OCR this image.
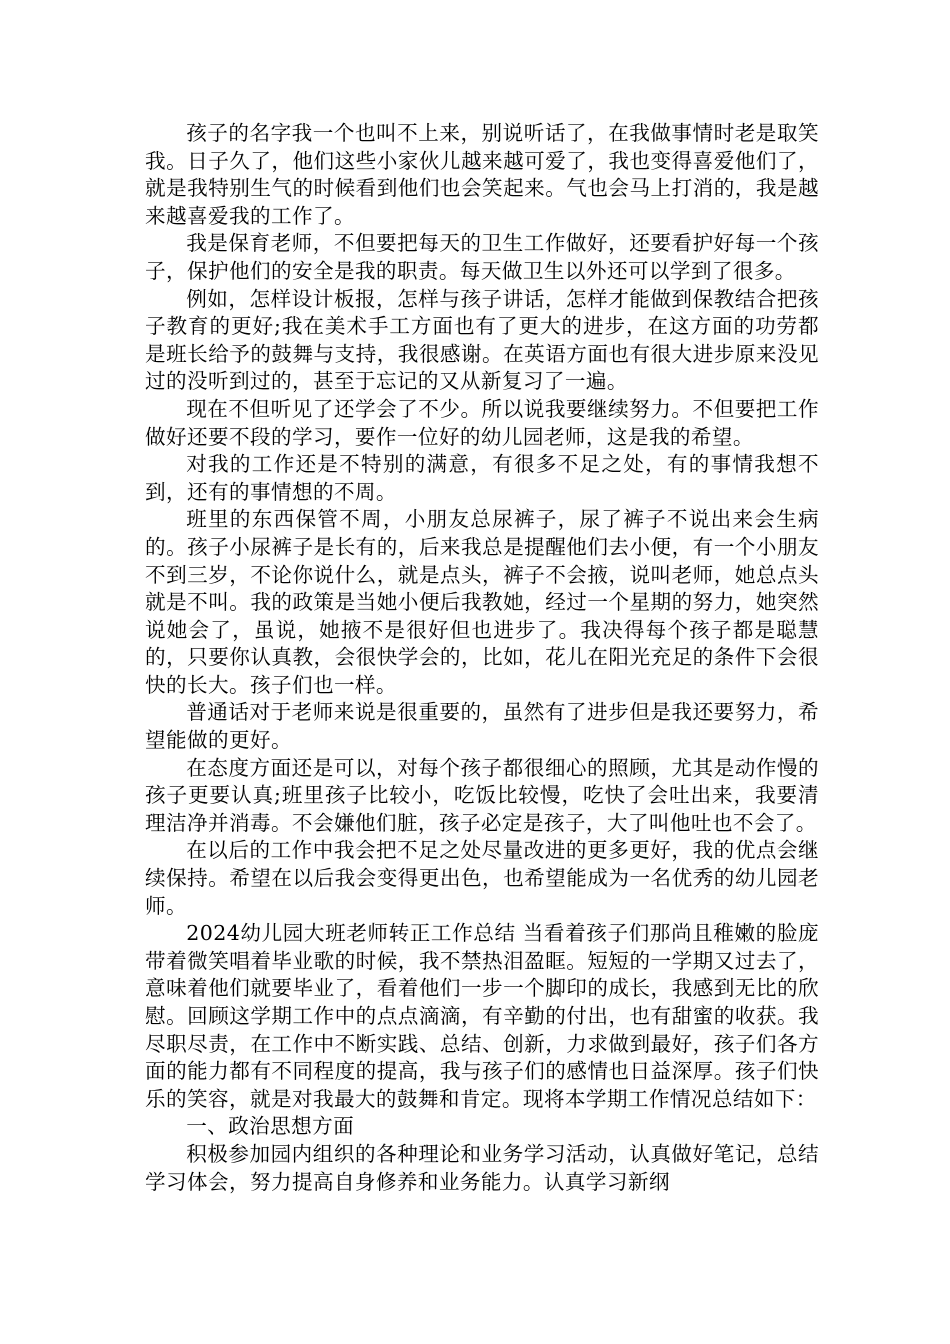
孩子的名字我一个也叫不上来，别说听话了，在我做事情时老是取笑我。日子久了，他们这些小家伙儿越来越可爱了，我也变得喜爱他们了，就是我特别生气的时候看到他们也会笑起来。气也会马上打消的，我是越来越喜爱我的工作了。

我是保育老师，不但要把每天的卫生工作做好，还要看护好每一个孩子，保护他们的安全是我的职责。每天做卫生以外还可以学到了很多。

例如，怎样设计板报，怎样与孩子讲话，怎样才能做到保教结合把孩子教育的更好;我在美术手工方面也有了更大的进步，在这方面的功劳都是班长给予的鼓舞与支持，我很感谢。在英语方面也有很大进步原来没见过的没听到过的，甚至于忘记的又从新复习了一遍。

现在不但听见了还学会了不少。所以说我要继续努力。不但要把工作做好还要不段的学习，要作一位好的幼儿园老师，这是我的希望。

对我的工作还是不特别的满意，有很多不足之处，有的事情我想不到，还有的事情想的不周。

班里的东西保管不周，小朋友总尿裤子，尿了裤子不说出来会生病的。孩子小尿裤子是长有的，后来我总是提醒他们去小便，有一个小朋友不到三岁，不论你说什么，就是点头，裤子不会掖，说叫老师，她总点头就是不叫。我的政策是当她小便后我教她，经过一个星期的努力，她突然说她会了，虽说，她掖不是很好但也进步了。我决得每个孩子都是聪慧的，只要你认真教，会很快学会的，比如，花儿在阳光充足的条件下会很快的长大。孩子们也一样。

普通话对于老师来说是很重要的，虽然有了进步但是我还要努力，希望能做的更好。

在态度方面还是可以，对每个孩子都很细心的照顾，尤其是动作慢的孩子更要认真;班里孩子比较小，吃饭比较慢，吃快了会吐出来，我要清理洁净并消毒。不会嫌他们脏，孩子必定是孩子，大了叫他吐也不会了。

在以后的工作中我会把不足之处尽量改进的更多更好，我的优点会继续保持。希望在以后我会变得更出色，也希望能成为一名优秀的幼儿园老师。

2024幼儿园大班老师转正工作总结 当看着孩子们那尚且稚嫩的脸庞带着微笑唱着毕业歌的时候，我不禁热泪盈眶。短短的一学期又过去了，意味着他们就要毕业了，看着他们一步一个脚印的成长，我感到无比的欣慰。回顾这学期工作中的点点滴滴，有辛勤的付出，也有甜蜜的收获。我尽职尽责，在工作中不断实践、总结、创新，力求做到最好，孩子们各方面的能力都有不同程度的提高，我与孩子们的感情也日益深厚。孩子们快乐的笑容，就是对我最大的鼓舞和肯定。现将本学期工作情况总结如下：

一、政治思想方面

积极参加园内组织的各种理论和业务学习活动，认真做好笔记，总结学习体会，努力提高自身修养和业务能力。认真学习新纲
